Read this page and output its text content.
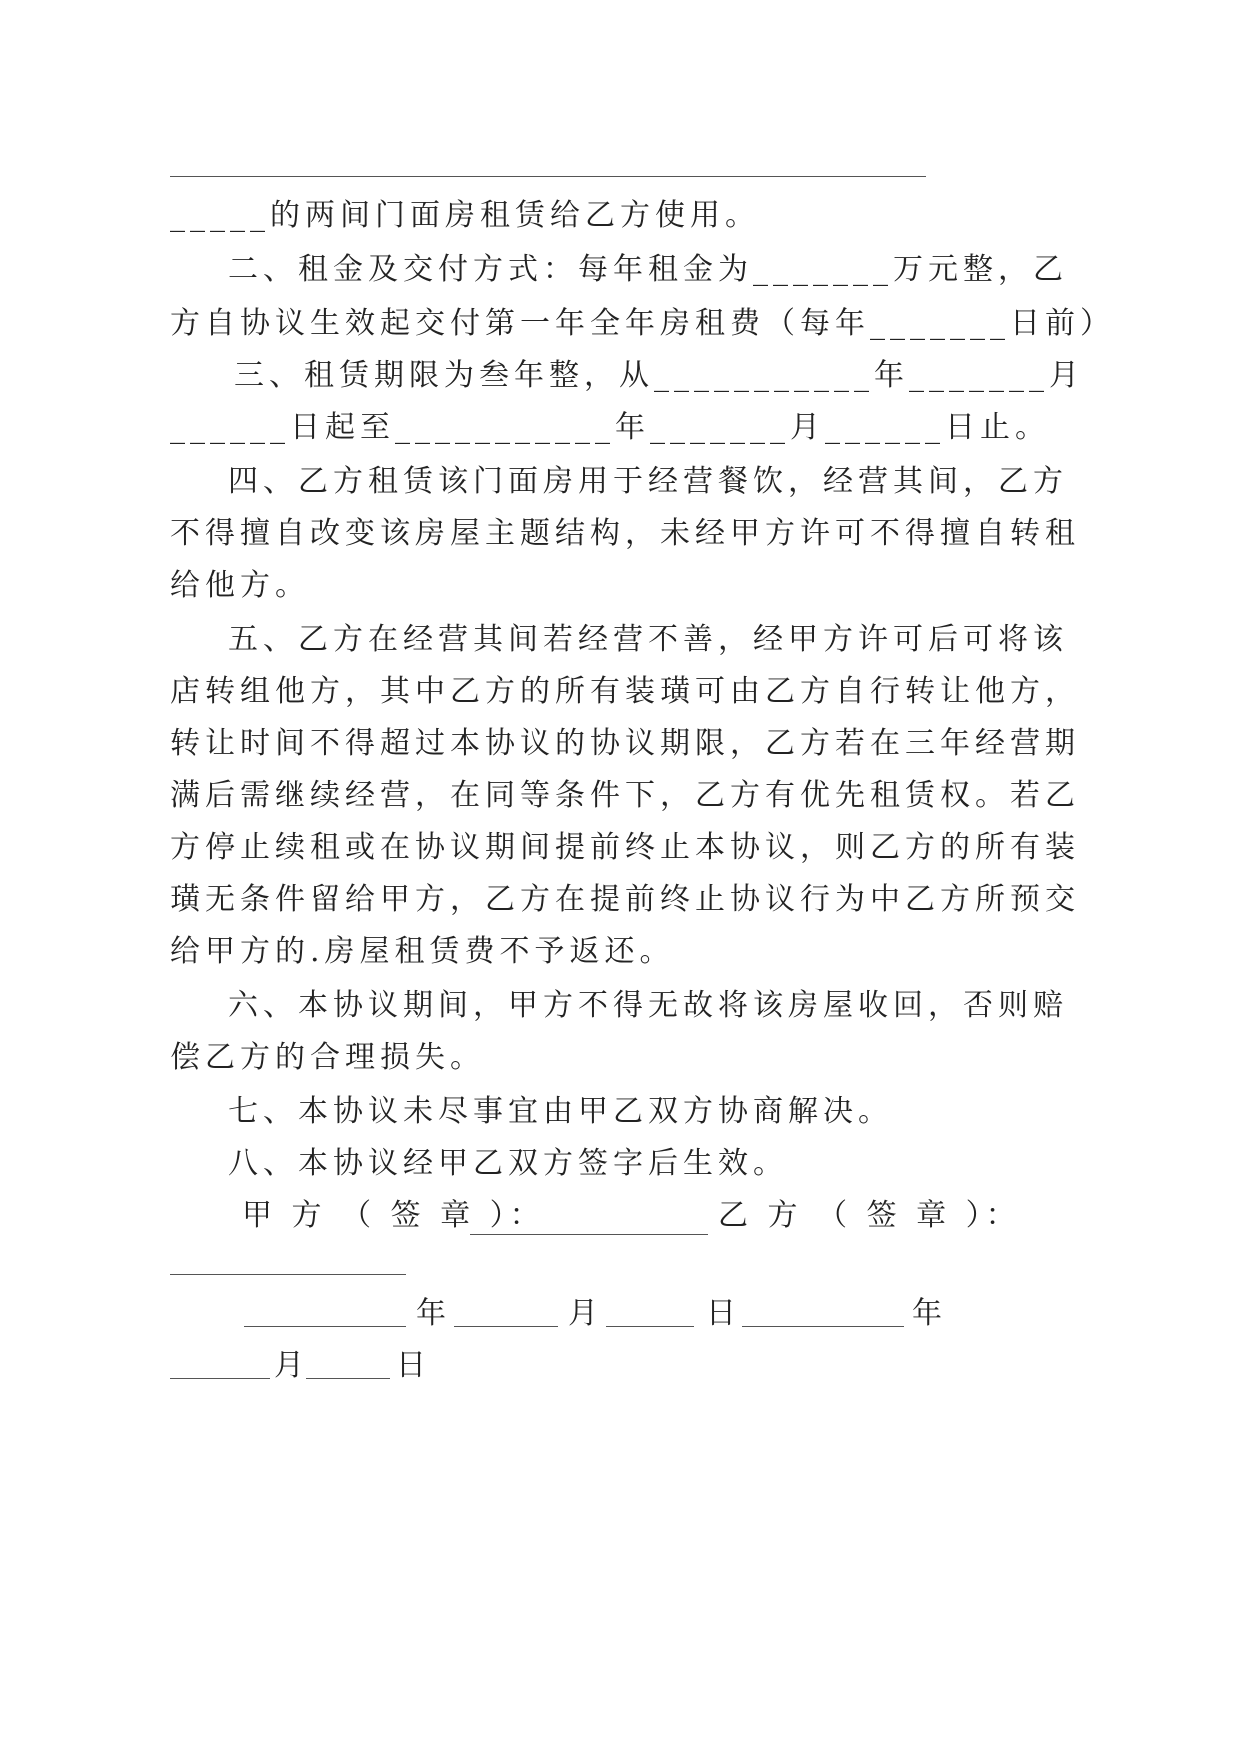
_____的两间门面房租赁给乙方使用。
二、租金及交付方式：每年租金为_______万元整，乙
方自协议生效起交付第一年全年房租费（每年_______日前）
三、租赁期限为叁年整，从___________年_______月
______日起至___________年_______月______日止。
四、乙方租赁该门面房用于经营餐饮，经营其间，乙方
不得擅自改变该房屋主题结构，未经甲方许可不得擅自转租
给他方。
五、乙方在经营其间若经营不善，经甲方许可后可将该
店转组他方，其中乙方的所有装璜可由乙方自行转让他方，
转让时间不得超过本协议的协议期限，乙方若在三年经营期
满后需继续经营，在同等条件下，乙方有优先租赁权。若乙
方停止续租或在协议期间提前终止本协议，则乙方的所有装
璜无条件留给甲方，乙方在提前终止协议行为中乙方所预交
给甲方的.房屋租赁费不予返还。
六、本协议期间，甲方不得无故将该房屋收回，否则赔
偿乙方的合理损失。
七、本协议未尽事宜由甲乙双方协商解决。
八、本协议经甲乙双方签字后生效。
甲 方 （ 签 章 ）：	乙 方 （ 签 章 ）：
年	月	日	年
月	日
